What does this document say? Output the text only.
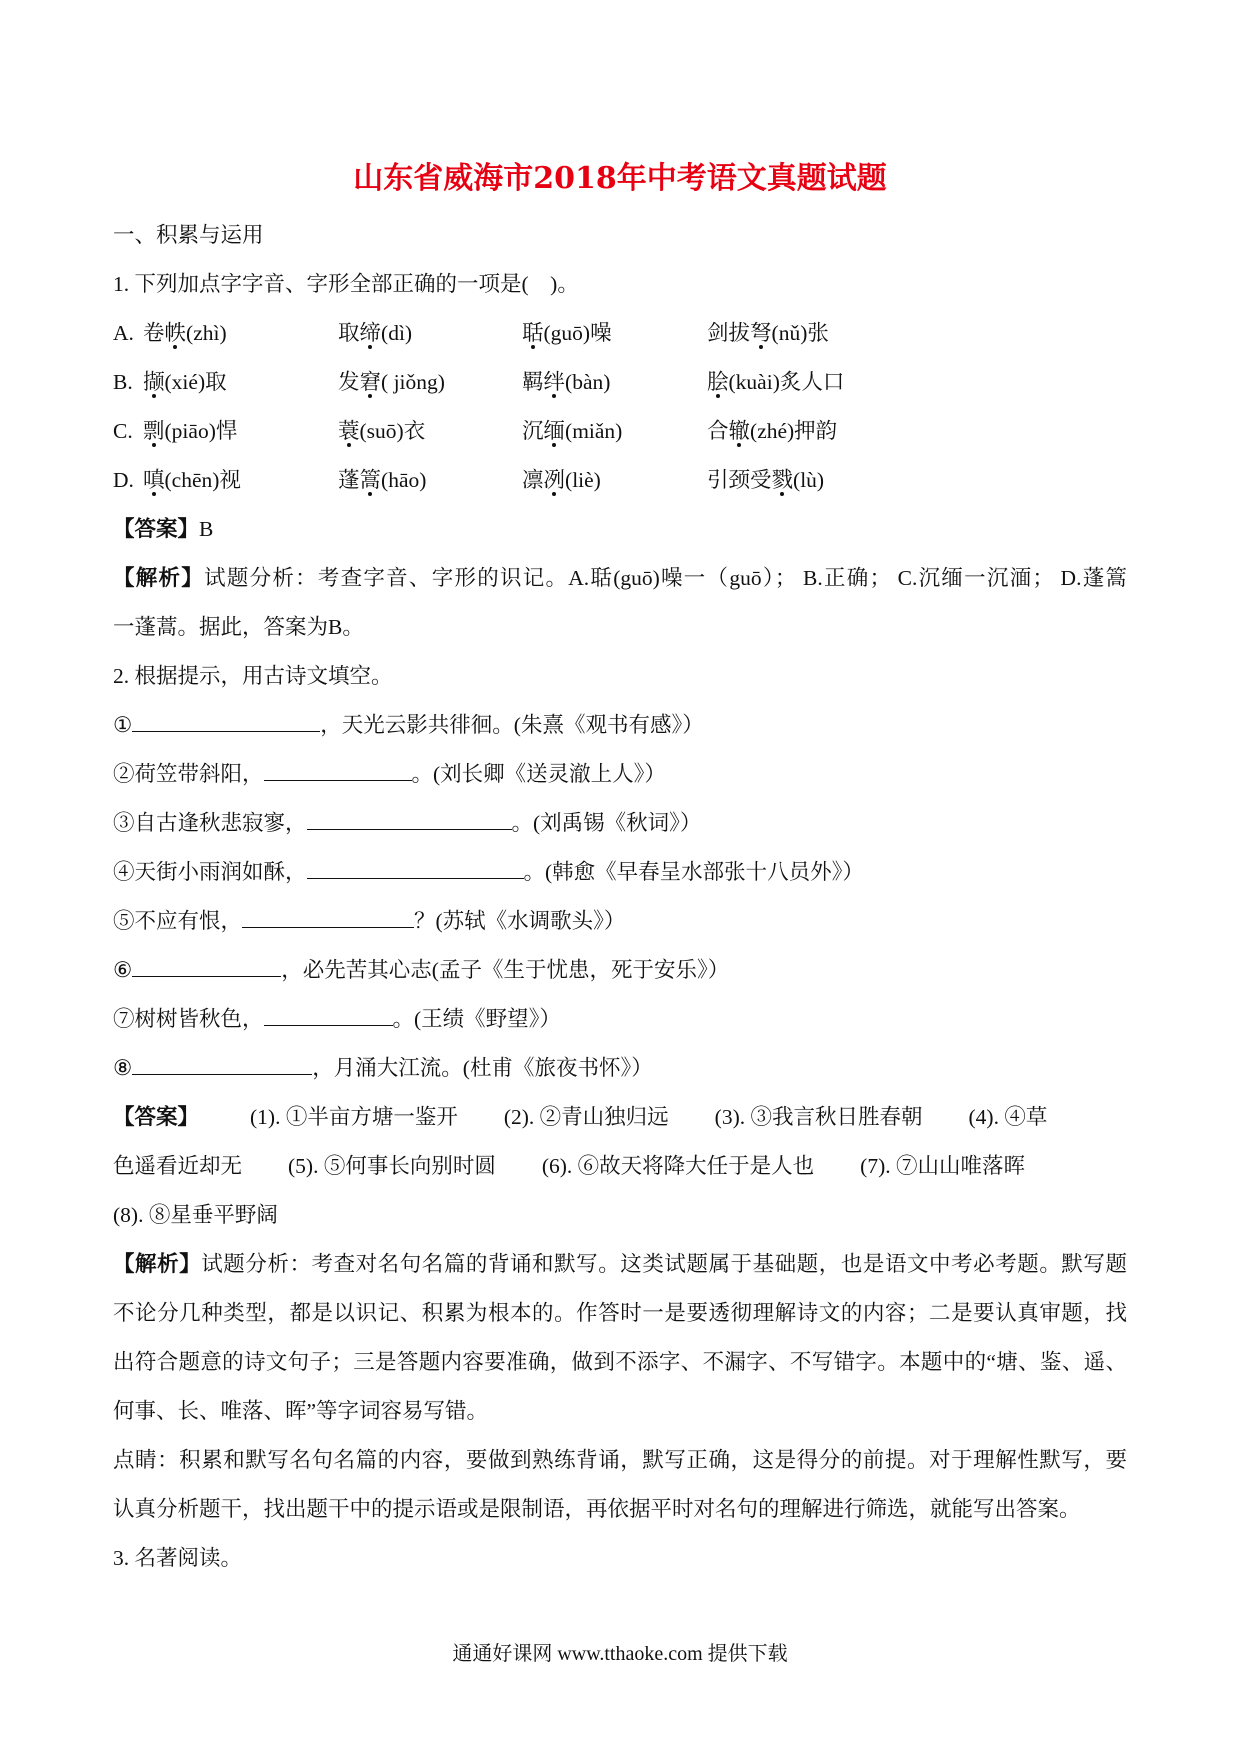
山东省威海市2018年中考语文真题试题
一、积累与运用
1. 下列加点字字音、字形全部正确的一项是(    )。
A. 卷帙(zhì)	取缔(dì)	聒(guō)噪	剑拔弩(nǔ)张
B. 撷(xié)取	发窘( jiǒng)	羁绊(bàn)	脍(kuài)炙人口
C. 剽(piāo)悍	蓑(suō)衣	沉缅(miǎn)	合辙(zhé)押韵
D. 嗔(chēn)视	蓬篙(hāo)	凛冽(liè)	引颈受戮(lù)
【答案】B
【解析】试题分析：考查字音、字形的识记。A.聒(guō)噪一（guō）； B.正确； C.沉缅一沉湎； D.蓬篙
一蓬蒿。据此，答案为B。
2. 根据提示，用古诗文填空。
①	，天光云影共徘徊。(朱熹《观书有感》）
②荷笠带斜阳，	。(刘长卿《送灵澈上人》）
③自古逢秋悲寂寥，	。(刘禹锡《秋词》）
④天街小雨润如酥，	。(韩愈《早春呈水部张十八员外》）
⑤不应有恨，	？(苏轼《水调歌头》）
⑥	，必先苦其心志(孟子《生于忧患，死于安乐》）
⑦树树皆秋色，	。(王绩《野望》）
⑧	，月涌大江流。(杜甫《旅夜书怀》）
【答案】 (1). ①半亩方塘一鉴开 (2). ②青山独归远 (3). ③我言秋日胜春朝 (4). ④草
色遥看近却无 (5). ⑤何事长向别时圆 (6). ⑥故天将降大任于是人也 (7). ⑦山山唯落晖
(8). ⑧星垂平野阔
【解析】试题分析：考查对名句名篇的背诵和默写。这类试题属于基础题，也是语文中考必考题。默写题
不论分几种类型，都是以识记、积累为根本的。作答时一是要透彻理解诗文的内容；二是要认真审题，找
出符合题意的诗文句子；三是答题内容要准确，做到不添字、不漏字、不写错字。本题中的“塘、鉴、遥、
何事、长、唯落、晖”等字词容易写错。
点睛：积累和默写名句名篇的内容，要做到熟练背诵，默写正确，这是得分的前提。对于理解性默写，要
认真分析题干，找出题干中的提示语或是限制语，再依据平时对名句的理解进行筛选，就能写出答案。
3. 名著阅读。
通通好课网 www.tthaoke.com 提供下载
